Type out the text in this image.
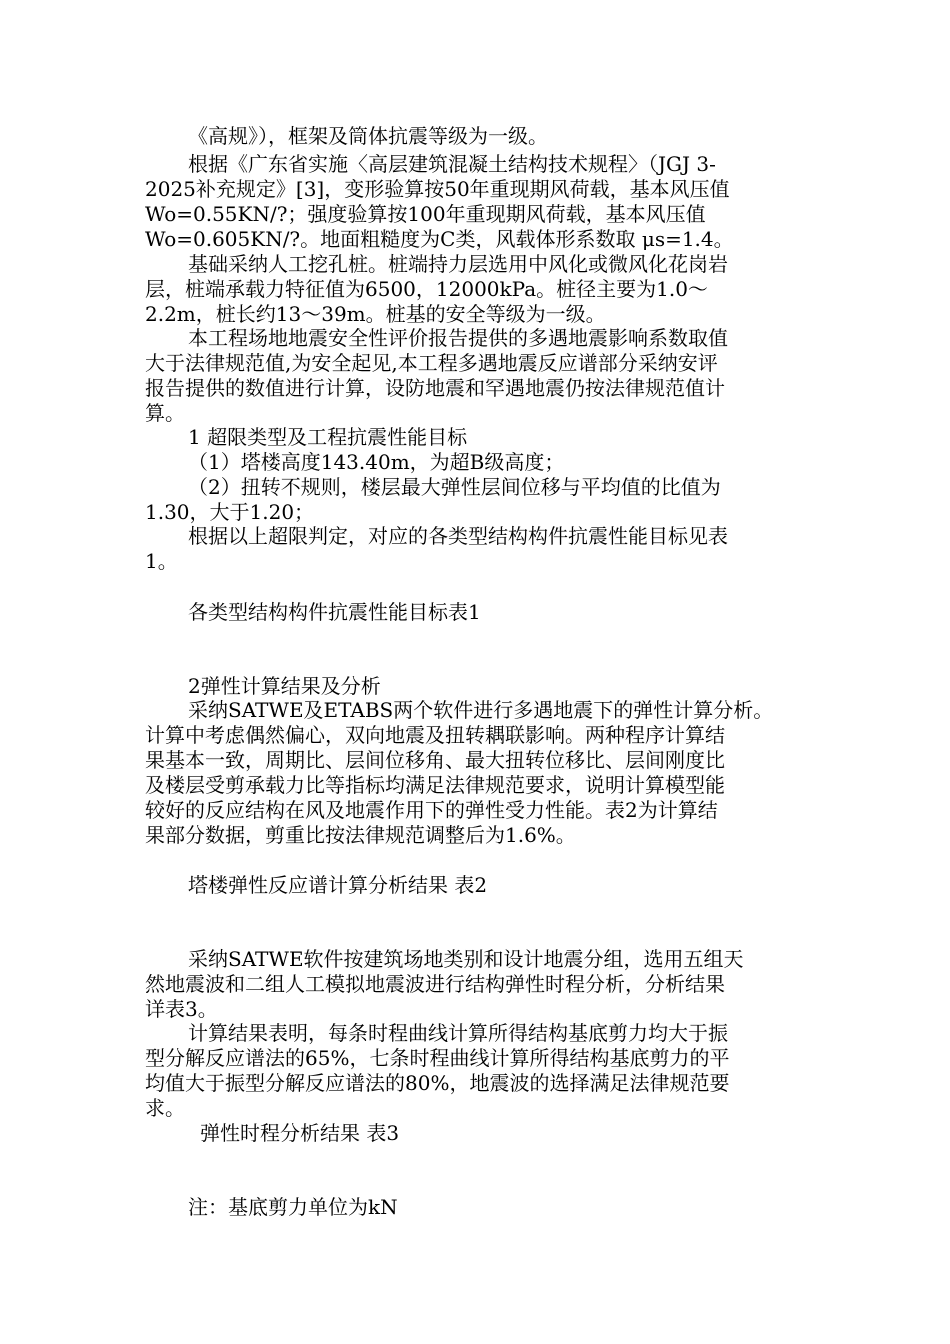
《高规》），框架及筒体抗震等级为一级。
根据《广东省实施〈高层建筑混凝土结构技术规程〉（JGJ 3-
2025补充规定》[3]，变形验算按50年重现期风荷载，基本风压值
Wo=0.55KN/?；强度验算按100年重现期风荷载，基本风压值
Wo=0.605KN/?。地面粗糙度为C类，风载体形系数取 μs=1.4。
基础采纳人工挖孔桩。桩端持力层选用中风化或微风化花岗岩
层，桩端承载力特征值为6500，12000kPa。桩径主要为1.0～
2.2m，桩长约13～39m。桩基的安全等级为一级。
本工程场地地震安全性评价报告提供的多遇地震影响系数取值
大于法律规范值,为安全起见,本工程多遇地震反应谱部分采纳安评
报告提供的数值进行计算，设防地震和罕遇地震仍按法律规范值计
算。
1 超限类型及工程抗震性能目标
（1）塔楼高度143.40m，为超B级高度；
（2）扭转不规则，楼层最大弹性层间位移与平均值的比值为
1.30，大于1.20；
根据以上超限判定，对应的各类型结构构件抗震性能目标见表
1。
各类型结构构件抗震性能目标表1
2弹性计算结果及分析
采纳SATWE及ETABS两个软件进行多遇地震下的弹性计算分析。
计算中考虑偶然偏心，双向地震及扭转耦联影响。两种程序计算结
果基本一致，周期比、层间位移角、最大扭转位移比、层间刚度比
及楼层受剪承载力比等指标均满足法律规范要求，说明计算模型能
较好的反应结构在风及地震作用下的弹性受力性能。表2为计算结
果部分数据，剪重比按法律规范调整后为1.6%。
塔楼弹性反应谱计算分析结果 表2
采纳SATWE软件按建筑场地类别和设计地震分组，选用五组天
然地震波和二组人工模拟地震波进行结构弹性时程分析，分析结果
详表3。
计算结果表明，每条时程曲线计算所得结构基底剪力均大于振
型分解反应谱法的65%，七条时程曲线计算所得结构基底剪力的平
均值大于振型分解反应谱法的80%，地震波的选择满足法律规范要
求。
弹性时程分析结果 表3
注：基底剪力单位为kN
